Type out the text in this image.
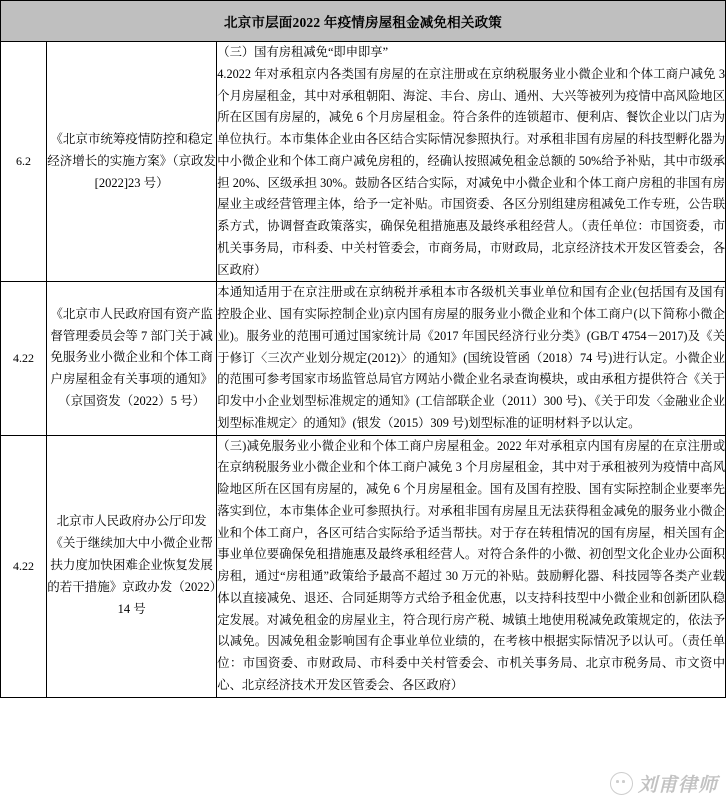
北京市层面2022 年疫情房屋租金减免相关政策		
6.2	《北京市统筹疫情防控和稳定经济增长的实施方案》（京政发[2022]23 号）	（三）国有房租减免“即申即享”

4.2022 年对承租京内各类国有房屋的在京注册或在京纳税服务业小微企业和个体工商户减免 3 个月房屋租金，其中对承租朝阳、海淀、丰台、房山、通州、大兴等被列为疫情中高风险地区所在区国有房屋的，减免 6 个月房屋租金。符合条件的连锁超市、便利店、餐饮企业以门店为单位执行。本市集体企业由各区结合实际情况参照执行。对承租非国有房屋的科技型孵化器为中小微企业和个体工商户减免房租的，经确认按照减免租金总额的 50%给予补贴，其中市级承担 20%、区级承担 30%。鼓励各区结合实际，对减免中小微企业和个体工商户房租的非国有房屋业主或经营管理主体，给予一定补贴。市国资委、各区分别组建房租减免工作专班，公告联系方式，协调督查政策落实，确保免租措施惠及最终承租经营人。（责任单位：市国资委，市机关事务局，市科委、中关村管委会，市商务局，市财政局，北京经济技术开发区管委会，各区政府）

4.22	《北京市人民政府国有资产监督管理委员会等 7 部门关于减免服务业小微企业和个体工商户房屋租金有关事项的通知》（京国资发（2022）5 号）	本通知适用于在京注册或在京纳税并承租本市各级机关事业单位和国有企业(包括国有及国有控股企业、国有实际控制企业)京内国有房屋的服务业小微企业和个体工商户(以下简称小微企业)。服务业的范围可通过国家统计局《2017 年国民经济行业分类》(GB/T 4754－2017)及《关于修订〈三次产业划分规定(2012)〉的通知》(国统设管函（2018）74 号)进行认定。小微企业的范围可参考国家市场监管总局官方网站小微企业名录查询模块，或由承租方提供符合《关于印发中小企业划型标准规定的通知》(工信部联企业（2011）300 号)、《关于印发〈金融业企业划型标准规定〉的通知》(银发（2015）309 号)划型标准的证明材料予以认定。

4.22	北京市人民政府办公厅印发《关于继续加大中小微企业帮扶力度加快困难企业恢复发展的若干措施》京政办发（2022）14 号	（三)减免服务业小微企业和个体工商户房屋租金。2022 年对承租京内国有房屋的在京注册或在京纳税服务业小微企业和个体工商户减免 3 个月房屋租金，其中对于承租被列为疫情中高风险地区所在区国有房屋的，减免 6 个月房屋租金。国有及国有控股、国有实际控制企业要率先落实到位，本市集体企业可参照执行。对承租非国有房屋且无法获得租金减免的服务业小微企业和个体工商户，各区可结合实际给予适当帮扶。对于存在转租情况的国有房屋，相关国有企事业单位要确保免租措施惠及最终承租经营人。对符合条件的小微、初创型文化企业办公面积房租，通过“房租通”政策给予最高不超过 30 万元的补贴。鼓励孵化器、科技园等各类产业载体以直接减免、退还、合同延期等方式给予租金优惠，以支持科技型中小微企业和创新团队稳定发展。对减免租金的房屋业主，符合现行房产税、城镇土地使用税减免政策规定的，依法予以减免。因减免租金影响国有企事业单位业绩的，在考核中根据实际情况予以认可。（责任单位：市国资委、市财政局、市科委中关村管委会、市机关事务局、北京市税务局、市文资中心、北京经济技术开发区管委会、各区政府）

刘甫律师
